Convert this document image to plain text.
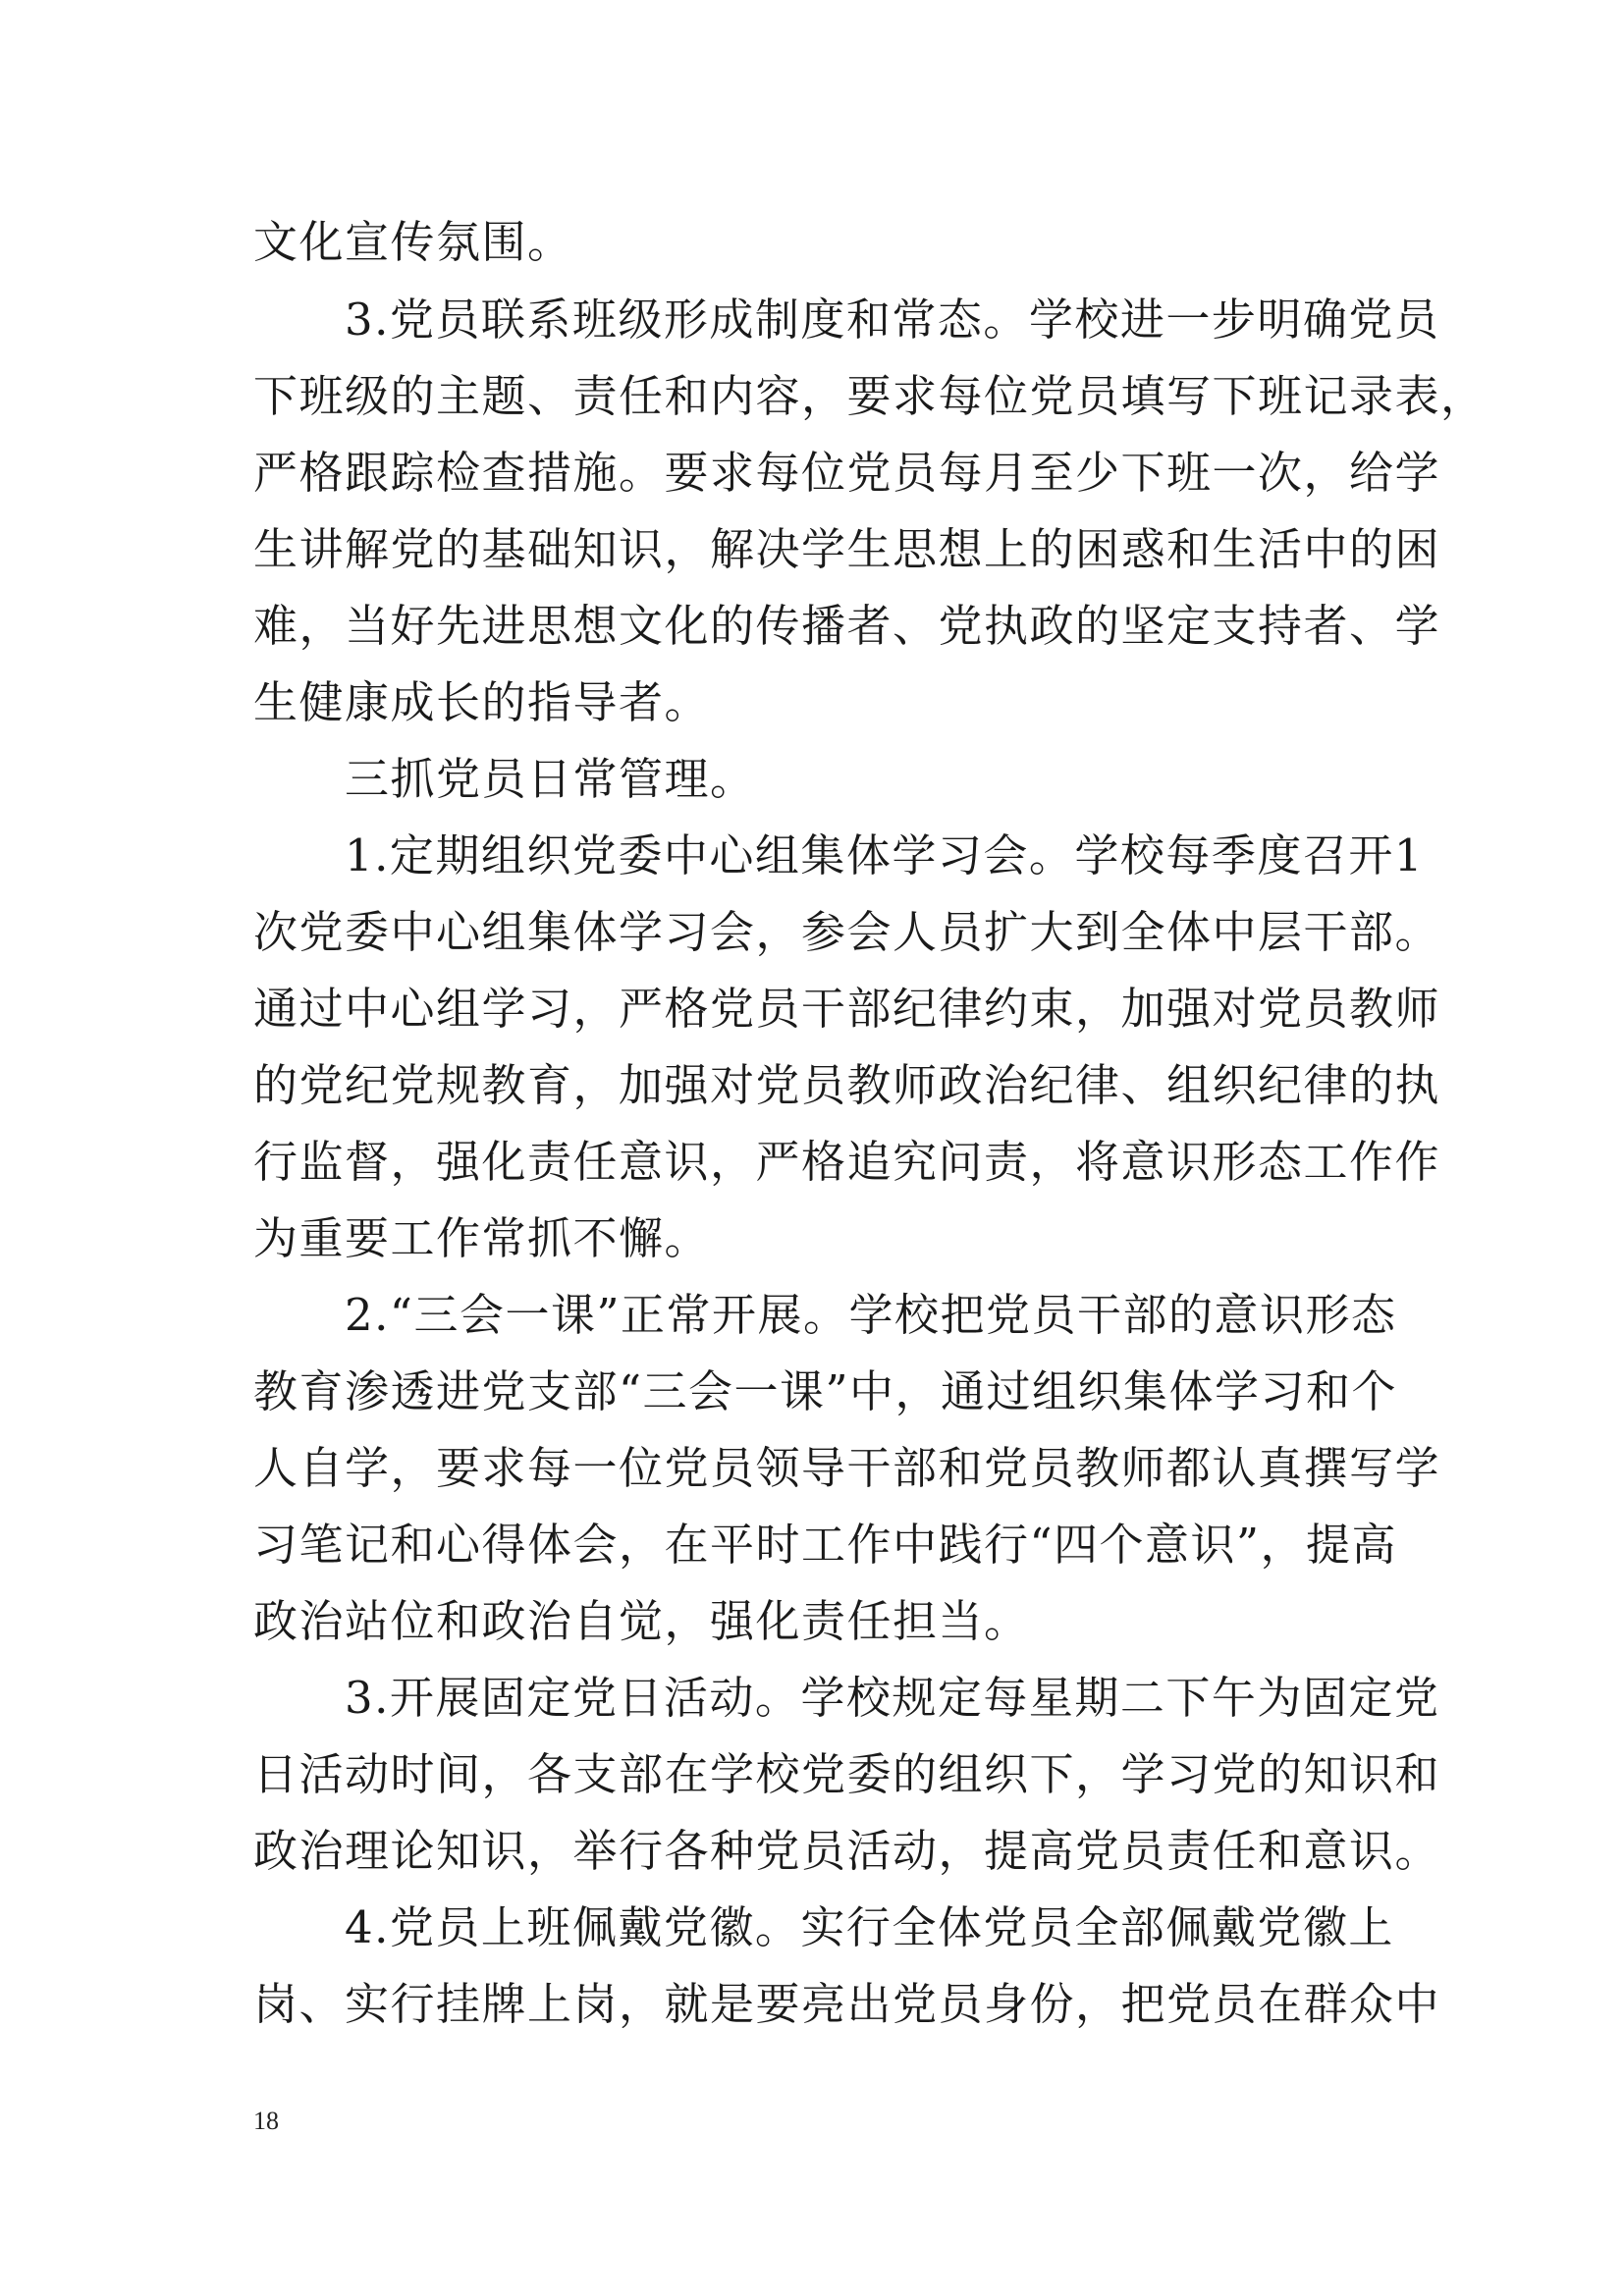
文化宣传氛围。
　　3.党员联系班级形成制度和常态。学校进一步明确党员
下班级的主题、责任和内容，要求每位党员填写下班记录表，
严格跟踪检查措施。要求每位党员每月至少下班一次，给学
生讲解党的基础知识，解决学生思想上的困惑和生活中的困
难，当好先进思想文化的传播者、党执政的坚定支持者、学
生健康成长的指导者。
　　三抓党员日常管理。
　　1.定期组织党委中心组集体学习会。学校每季度召开1
次党委中心组集体学习会，参会人员扩大到全体中层干部。
通过中心组学习，严格党员干部纪律约束，加强对党员教师
的党纪党规教育，加强对党员教师政治纪律、组织纪律的执
行监督，强化责任意识，严格追究问责，将意识形态工作作
为重要工作常抓不懈。
　　2.“三会一课”正常开展。学校把党员干部的意识形态
教育渗透进党支部“三会一课”中，通过组织集体学习和个
人自学，要求每一位党员领导干部和党员教师都认真撰写学
习笔记和心得体会，在平时工作中践行“四个意识”，提高
政治站位和政治自觉，强化责任担当。
　　3.开展固定党日活动。学校规定每星期二下午为固定党
日活动时间，各支部在学校党委的组织下，学习党的知识和
政治理论知识，举行各种党员活动，提高党员责任和意识。
　　4.党员上班佩戴党徽。实行全体党员全部佩戴党徽上
岗、实行挂牌上岗，就是要亮出党员身份，把党员在群众中
18
